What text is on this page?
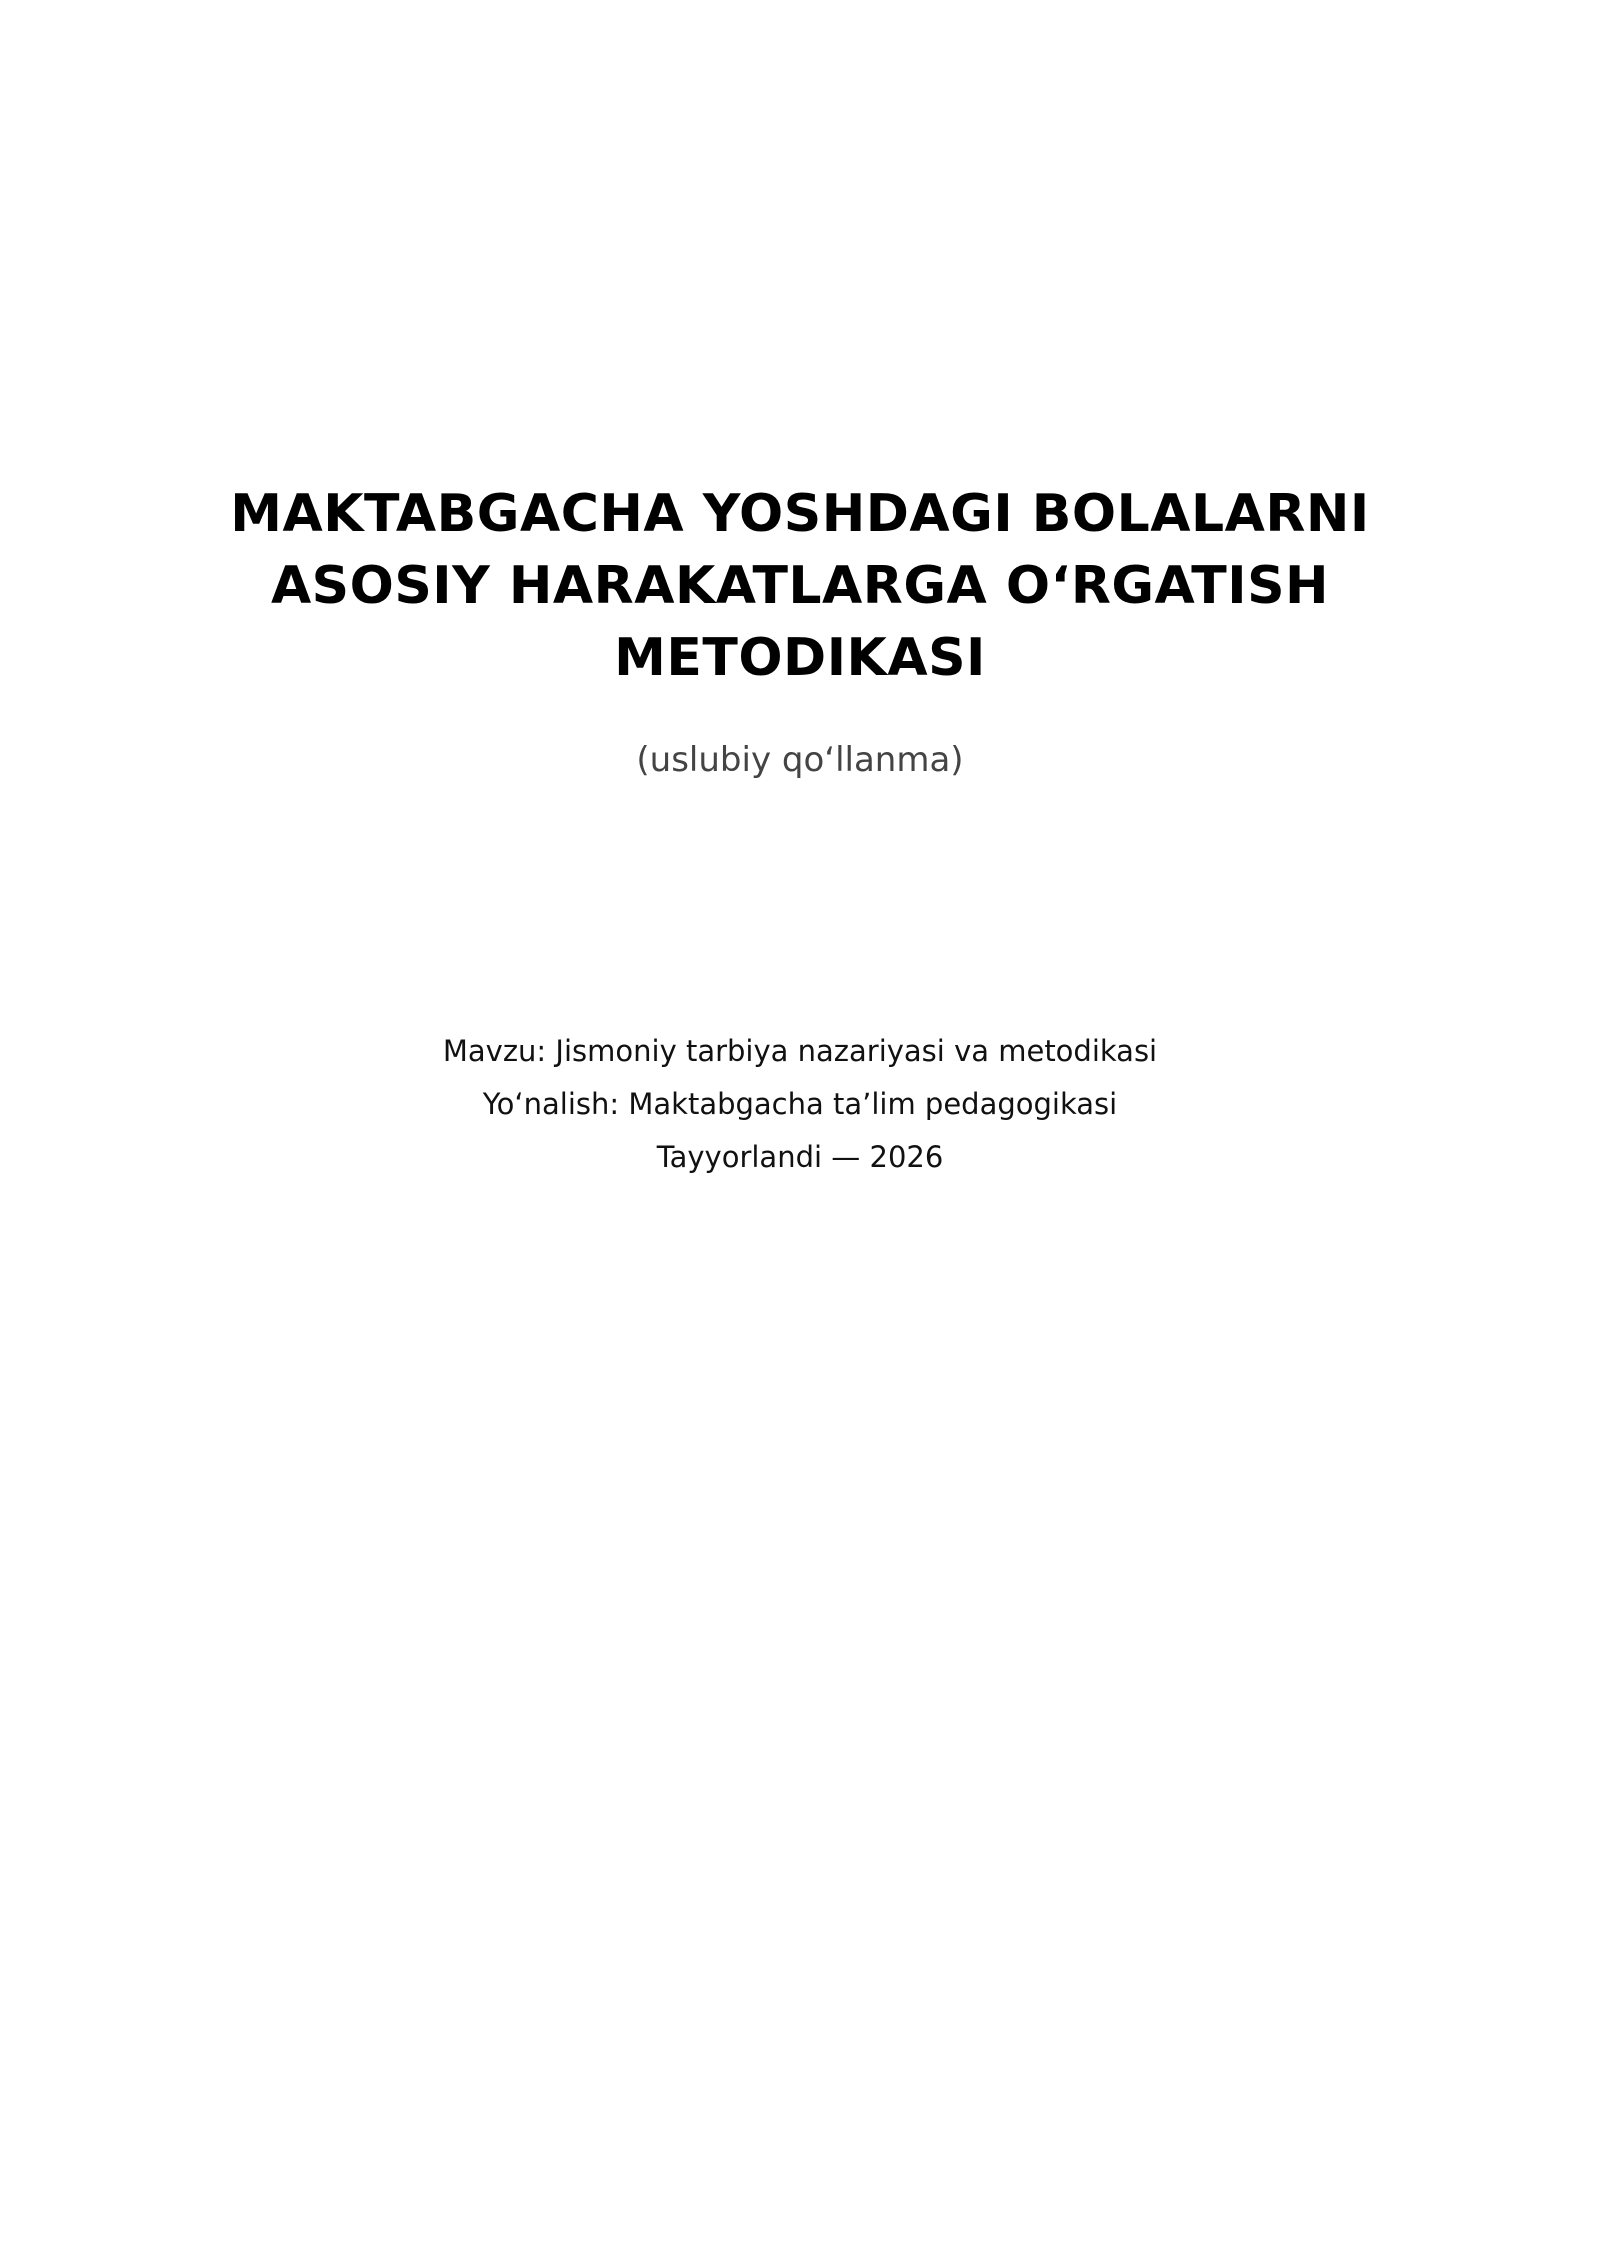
MAKTABGACHA YOSHDAGI BOLALARNI
ASOSIY HARAKATLARGA O‘RGATISH
METODIKASI
(uslubiy qo‘llanma)
Mavzu: Jismoniy tarbiya nazariyasi va metodikasi
Yo‘nalish: Maktabgacha ta’lim pedagogikasi
Tayyorlandi — 2026
